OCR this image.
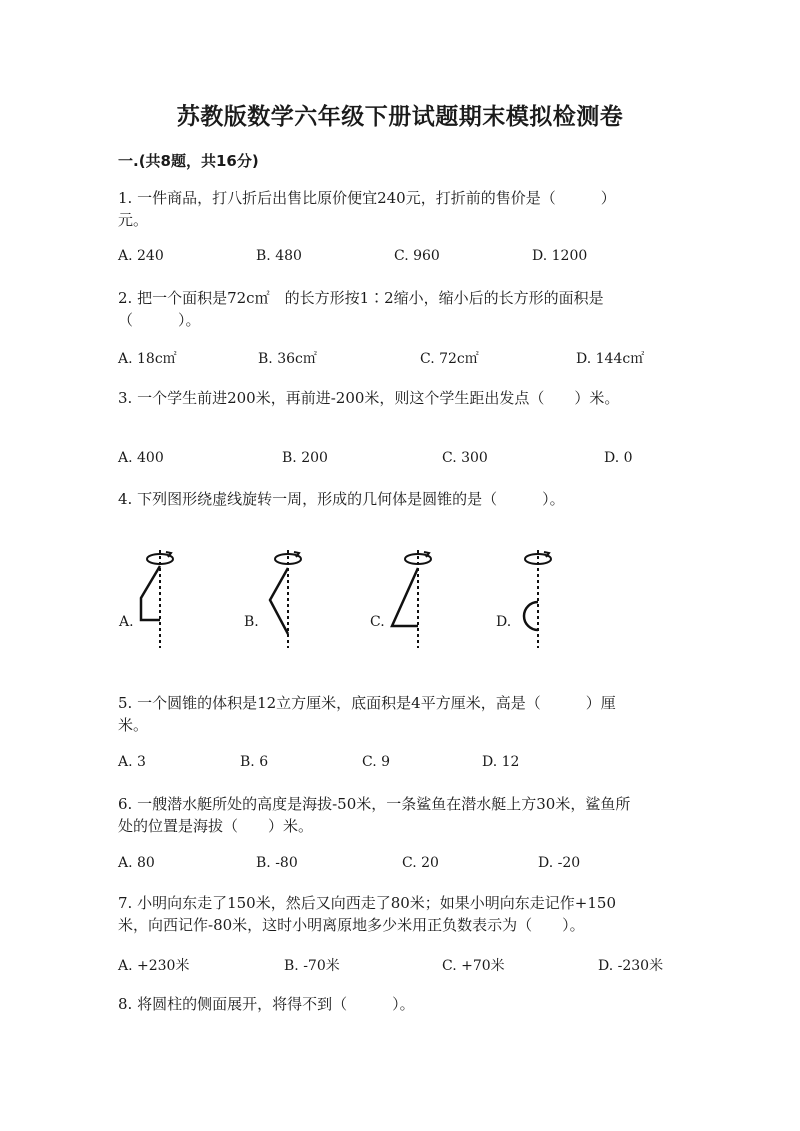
苏教版数学六年级下册试题期末模拟检测卷
一.(共8题，共16分)
1. 一件商品，打八折后出售比原价便宜240元，打折前的售价是（　　　）
元。
A. 240	B. 480	C. 960	D. 1200
2. 把一个面积是72c㎡　的长方形按1∶2缩小，缩小后的长方形的面积是
（　　　）。
A. 18c㎡	B. 36c㎡	C. 72c㎡	D. 144c㎡
3. 一个学生前进200米，再前进-200米，则这个学生距出发点（　　）米。
A. 400	B. 200	C. 300	D. 0
4. 下列图形绕虚线旋转一周，形成的几何体是圆锥的是（　　　）。
A.	B.	C.	D.
5. 一个圆锥的体积是12立方厘米，底面积是4平方厘米，高是（　　　）厘
米。
A. 3	B. 6	C. 9	D. 12
6. 一艘潜水艇所处的高度是海拔-50米，一条鲨鱼在潜水艇上方30米，鲨鱼所
处的位置是海拔（　　）米。
A. 80	B. -80	C. 20	D. -20
7. 小明向东走了150米，然后又向西走了80米；如果小明向东走记作+150
米，向西记作-80米，这时小明离原地多少米用正负数表示为（　　）。
A. +230米	B. -70米	C. +70米	D. -230米
8. 将圆柱的侧面展开，将得不到（　　　）。
